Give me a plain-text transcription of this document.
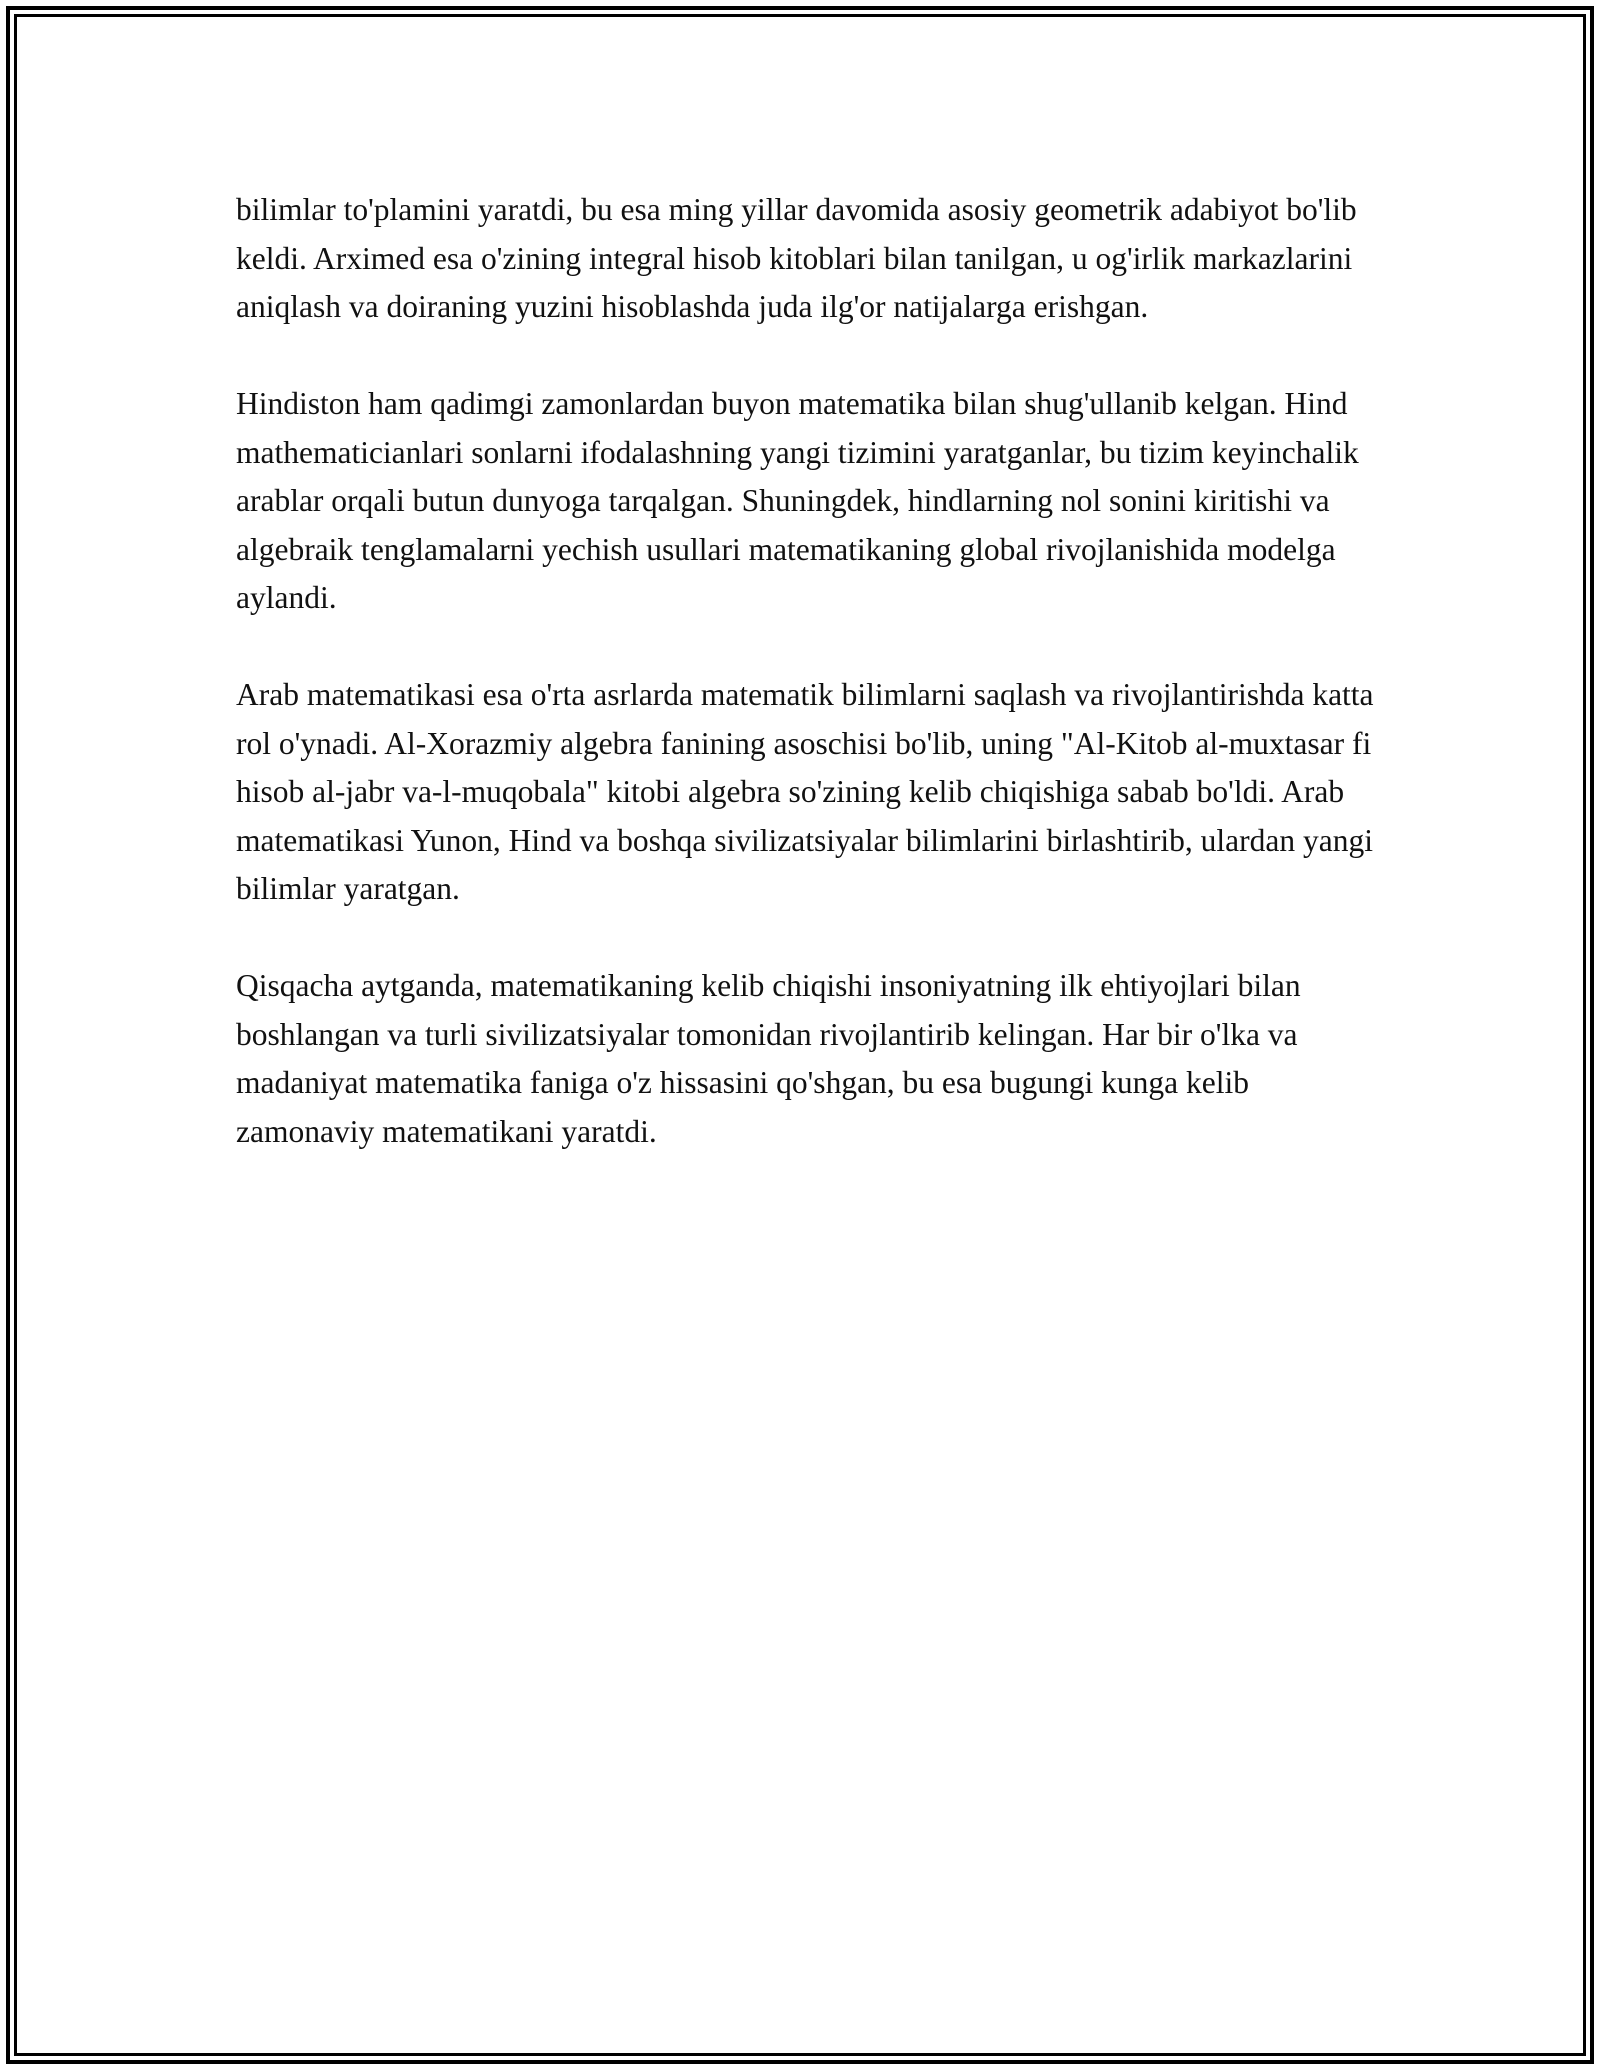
bilimlar to'plamini yaratdi, bu esa ming yillar davomida asosiy geometrik adabiyot bo'lib keldi. Arximed esa o'zining integral hisob kitoblari bilan tanilgan, u og'irlik markazlarini aniqlash va doiraning yuzini hisoblashda juda ilg'or natijalarga erishgan.

Hindiston ham qadimgi zamonlardan buyon matematika bilan shug'ullanib kelgan. Hind mathematicianlari sonlarni ifodalashning yangi tizimini yaratganlar, bu tizim keyinchalik arablar orqali butun dunyoga tarqalgan. Shuningdek, hindlarning nol sonini kiritishi va algebraik tenglamalarni yechish usullari matematikaning global rivojlanishida modelga aylandi.

Arab matematikasi esa o'rta asrlarda matematik bilimlarni saqlash va rivojlantirishda katta rol o'ynadi. Al-Xorazmiy algebra fanining asoschisi bo'lib, uning "Al-Kitob al-muxtasar fi hisob al-jabr va-l-muqobala" kitobi algebra so'zining kelib chiqishiga sabab bo'ldi. Arab matematikasi Yunon, Hind va boshqa sivilizatsiyalar bilimlarini birlashtirib, ulardan yangi bilimlar yaratgan.

Qisqacha aytganda, matematikaning kelib chiqishi insoniyatning ilk ehtiyojlari bilan boshlangan va turli sivilizatsiyalar tomonidan rivojlantirib kelingan. Har bir o'lka va madaniyat matematika faniga o'z hissasini qo'shgan, bu esa bugungi kunga kelib zamonaviy matematikani yaratdi.
